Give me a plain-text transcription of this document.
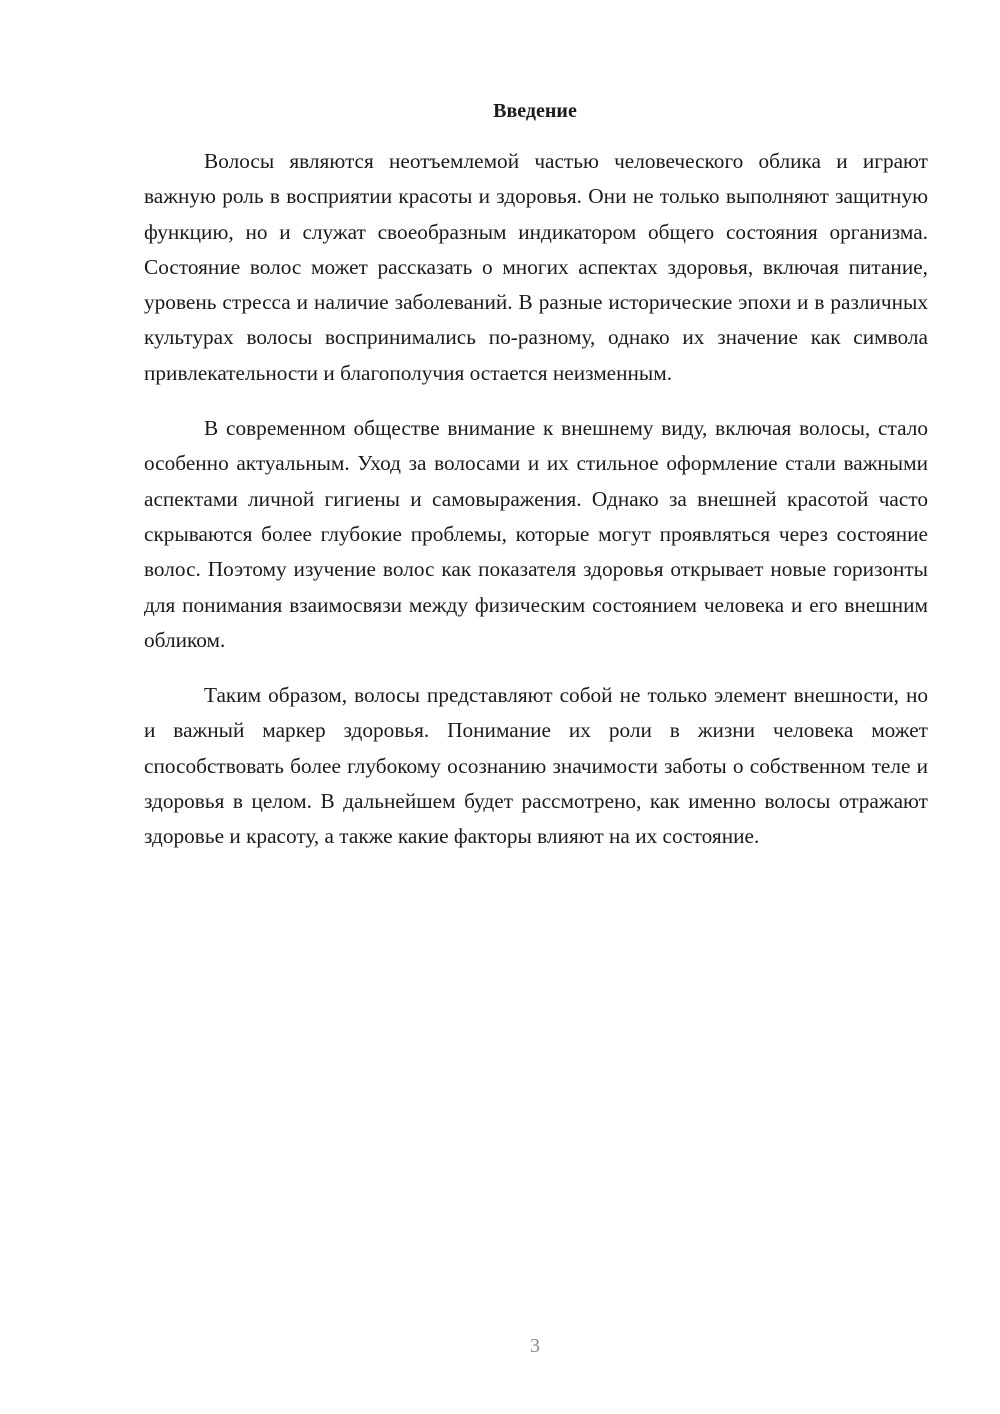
Введение

Волосы являются неотъемлемой частью человеческого облика и играют важную роль в восприятии красоты и здоровья. Они не только выполняют защитную функцию, но и служат своеобразным индикатором общего состояния организма. Состояние волос может рассказать о многих аспектах здоровья, включая питание, уровень стресса и наличие заболеваний. В разные исторические эпохи и в различных культурах волосы воспринимались по-разному, однако их значение как символа привлекательности и благополучия остается неизменным.

В современном обществе внимание к внешнему виду, включая волосы, стало особенно актуальным. Уход за волосами и их стильное оформление стали важными аспектами личной гигиены и самовыражения. Однако за внешней красотой часто скрываются более глубокие проблемы, которые могут проявляться через состояние волос. Поэтому изучение волос как показателя здоровья открывает новые горизонты для понимания взаимосвязи между физическим состоянием человека и его внешним обликом.

Таким образом, волосы представляют собой не только элемент внешности, но и важный маркер здоровья. Понимание их роли в жизни человека может способствовать более глубокому осознанию значимости заботы о собственном теле и здоровья в целом. В дальнейшем будет рассмотрено, как именно волосы отражают здоровье и красоту, а также какие факторы влияют на их состояние.

3
